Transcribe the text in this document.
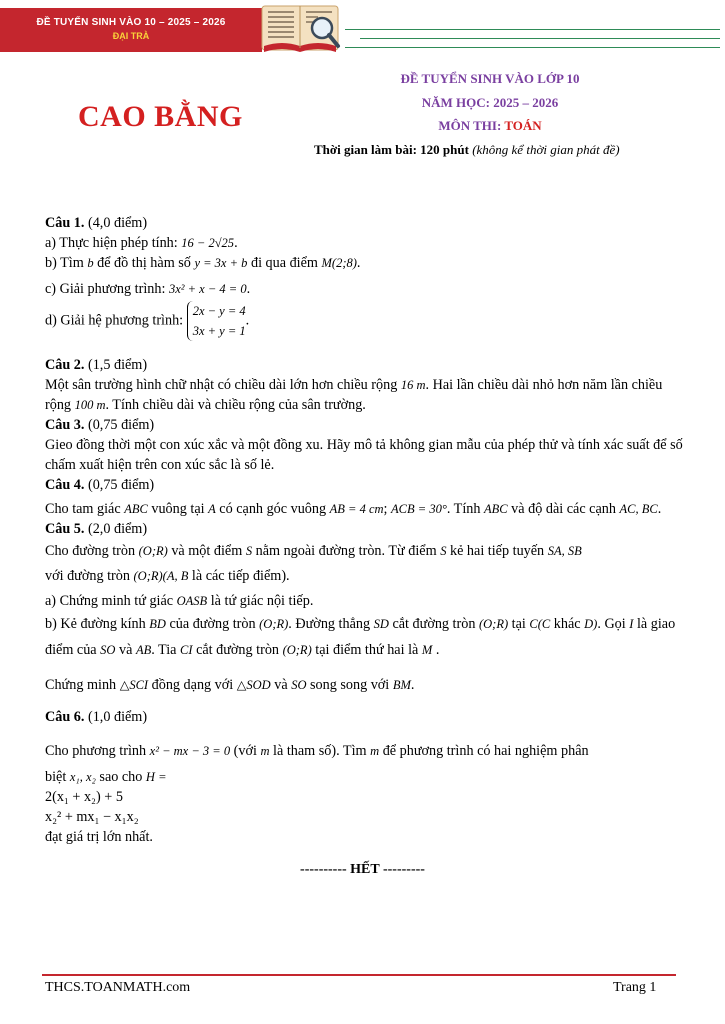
ĐỀ TUYỂN SINH VÀO 10 – 2025 – 2026
ĐẠI TRÀ
CAO BẰNG
ĐỀ TUYỂN SINH VÀO LỚP 10
NĂM HỌC: 2025 – 2026
MÔN THI: TOÁN
Thời gian làm bài: 120 phút (không kể thời gian phát đề)

Câu 1. (4,0 điểm)

a) Thực hiện phép tính: 16 − 2√25.

b) Tìm b để đồ thị hàm số y = 3x + b đi qua điểm M(2;8).

c) Giải phương trình: 3x² + x − 4 = 0.

d) Giải hệ phương trình: 2x − y = 4
3x + y = 1.

Câu 2. (1,5 điểm)

Một sân trường hình chữ nhật có chiều dài lớn hơn chiều rộng 16 m. Hai lần chiều dài nhỏ hơn năm lần chiều rộng 100 m. Tính chiều dài và chiều rộng của sân trường.

Câu 3. (0,75 điểm)

Gieo đồng thời một con xúc xắc và một đồng xu. Hãy mô tả không gian mẫu của phép thử và tính xác suất để số chấm xuất hiện trên con xúc sắc là số lẻ.

Câu 4. (0,75 điểm)

Cho tam giác ABC vuông tại A có cạnh góc vuông AB = 4 cm; ACB = 30°. Tính ABC và độ dài các cạnh AC, BC.

Câu 5. (2,0 điểm)

Cho đường tròn (O;R) và một điểm S nằm ngoài đường tròn. Từ điểm S kẻ hai tiếp tuyến SA, SB

với đường tròn (O;R)(A, B là các tiếp điểm).

a) Chứng minh tứ giác OASB là tứ giác nội tiếp.

b) Kẻ đường kính BD của đường tròn (O;R). Đường thẳng SD cắt đường tròn (O;R) tại C(C khác D). Gọi I là giao điểm của SO và AB. Tia CI cắt đường tròn (O;R) tại điểm thứ hai là M .

Chứng minh △SCI đồng dạng với △SOD và SO song song với BM.

Câu 6. (1,0 điểm)

Cho phương trình x² − mx − 3 = 0 (với m là tham số). Tìm m để phương trình có hai nghiệm phân

biệt x₁, x₂ sao cho H =

2(x₁ + x₂) + 5
x₂² + mx₁ − x₁x₂
đạt giá trị lớn nhất.

---------- HẾT ---------
THCS.TOANMATH.com	Trang 1
